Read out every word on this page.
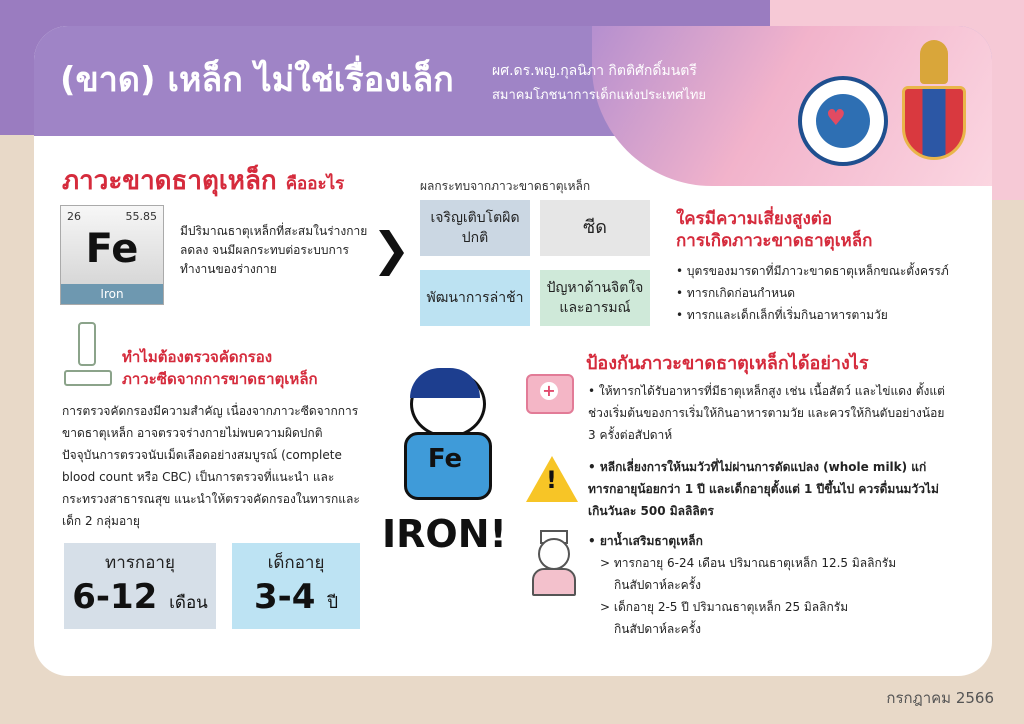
(ขาด) เหล็ก ไม่ใช่เรื่องเล็ก	ผศ.ดร.พญ.กุลนิภา กิตติศักดิ์มนตรี
สมาคมโภชนาการเด็กแห่งประเทศไทย
♥
ภาวะขาดธาตุเหล็ก คืออะไร
26	55.85
Fe
Iron
มีปริมาณธาตุเหล็กที่สะสมในร่างกายลดลง จนมีผลกระทบต่อระบบการทำงานของร่างกาย	❯
ผลกระทบจากภาวะขาดธาตุเหล็ก
เจริญเติบโตผิดปกติ	ซีด
พัฒนาการล่าช้า
ปัญหาด้านจิตใจและอารมณ์
ใครมีความเสี่ยงสูงต่อ
การเกิดภาวะขาดธาตุเหล็ก
• บุตรของมารดาที่มีภาวะขาดธาตุเหล็กขณะตั้งครรภ์
• ทารกเกิดก่อนกำหนด
• ทารกและเด็กเล็กที่เริ่มกินอาหารตามวัย
ทำไมต้องตรวจคัดกรอง
ภาวะซีดจากการขาดธาตุเหล็ก
การตรวจคัดกรองมีความสำคัญ เนื่องจากภาวะซีดจากการขาดธาตุเหล็ก อาจตรวจร่างกายไม่พบความผิดปกติ ปัจจุบันการตรวจนับเม็ดเลือดอย่างสมบูรณ์ (complete blood count หรือ CBC) เป็นการตรวจที่แนะนำ และกระทรวงสาธารณสุข แนะนำให้ตรวจคัดกรองในทารกและเด็ก 2 กลุ่มอายุ
ทารกอายุ
6-12 เดือน
เด็กอายุ
3-4 ปี
Fe
IRON!
ป้องกันภาวะขาดธาตุเหล็กได้อย่างไร
+
!
• ให้ทารกได้รับอาหารที่มีธาตุเหล็กสูง เช่น เนื้อสัตว์ และไข่แดง ตั้งแต่ช่วงเริ่มต้นของการเริ่มให้กินอาหารตามวัย และควรให้กินตับอย่างน้อย 3 ครั้งต่อสัปดาห์
• หลีกเลี่ยงการให้นมวัวที่ไม่ผ่านการดัดแปลง (whole milk) แก่ทารกอายุน้อยกว่า 1 ปี และเด็กอายุตั้งแต่ 1 ปีขึ้นไป ควรดื่มนมวัวไม่เกินวันละ 500 มิลลิลิตร
• ยาน้ำเสริมธาตุเหล็ก
> ทารกอายุ 6-24 เดือน ปริมาณธาตุเหล็ก 12.5 มิลลิกรัม
กินสัปดาห์ละครั้ง
> เด็กอายุ 2-5 ปี ปริมาณธาตุเหล็ก 25 มิลลิกรัม
กินสัปดาห์ละครั้ง
กรกฎาคม 2566
